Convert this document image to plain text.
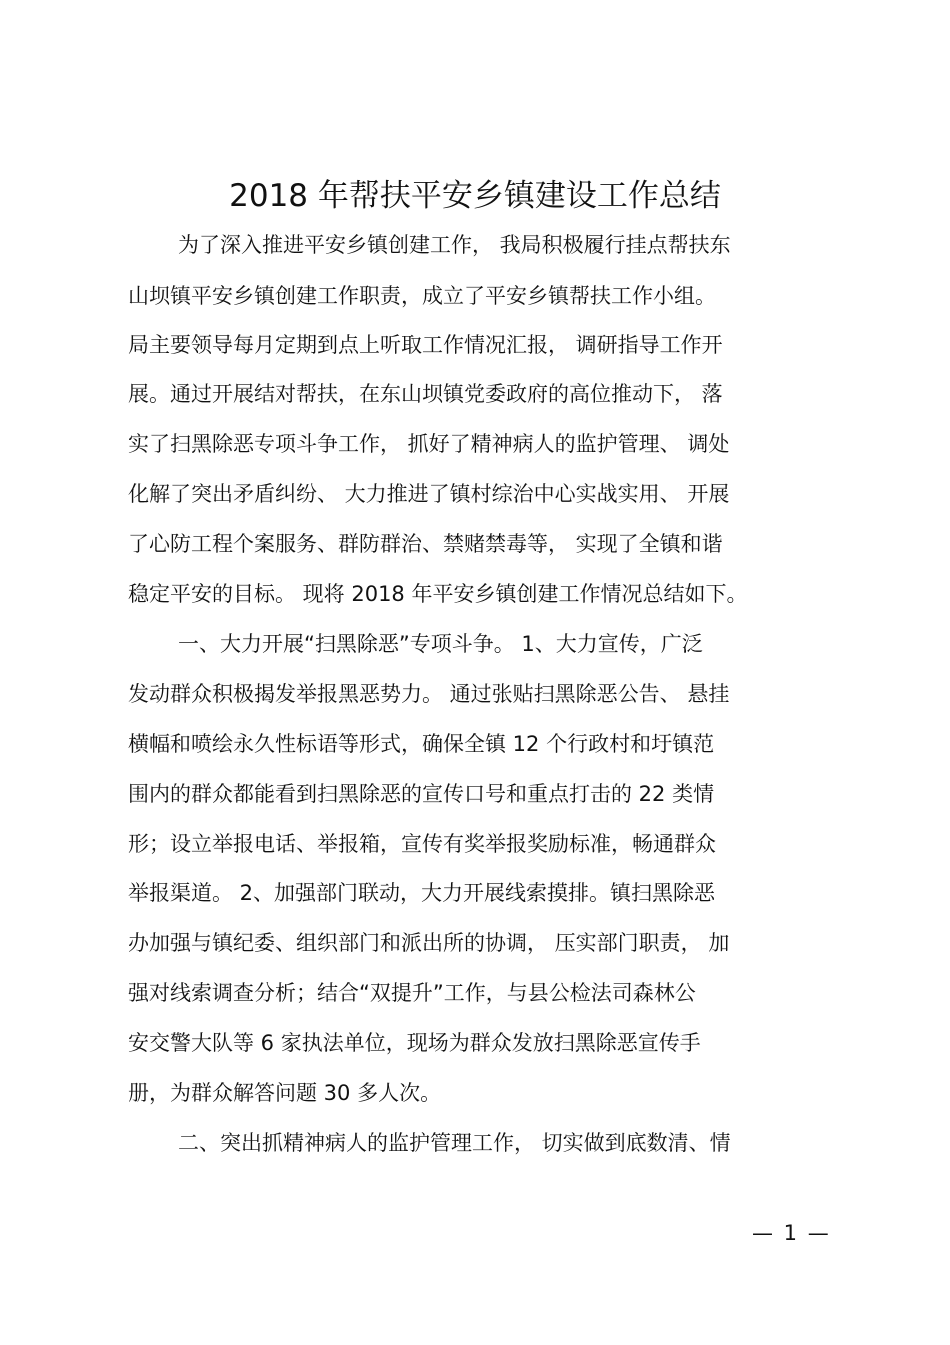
2018 年帮扶平安乡镇建设工作总结
为了深入推进平安乡镇创建工作， 我局积极履行挂点帮扶东
山坝镇平安乡镇创建工作职责，成立了平安乡镇帮扶工作小组。
局主要领导每月定期到点上听取工作情况汇报， 调研指导工作开
展。通过开展结对帮扶，在东山坝镇党委政府的高位推动下， 落
实了扫黑除恶专项斗争工作， 抓好了精神病人的监护管理、 调处
化解了突出矛盾纠纷、 大力推进了镇村综治中心实战实用、 开展
了心防工程个案服务、群防群治、禁赌禁毒等， 实现了全镇和谐
稳定平安的目标。 现将 2018 年平安乡镇创建工作情况总结如下。
一、大力开展“扫黑除恶”专项斗争。 1、大力宣传，广泛
发动群众积极揭发举报黑恶势力。 通过张贴扫黑除恶公告、 悬挂
横幅和喷绘永久性标语等形式，确保全镇 12 个行政村和圩镇范
围内的群众都能看到扫黑除恶的宣传口号和重点打击的 22 类情
形；设立举报电话、举报箱，宣传有奖举报奖励标准，畅通群众
举报渠道。 2、加强部门联动，大力开展线索摸排。镇扫黑除恶
办加强与镇纪委、组织部门和派出所的协调， 压实部门职责， 加
强对线索调查分析；结合“双提升”工作，与县公检法司森林公
安交警大队等 6 家执法单位，现场为群众发放扫黑除恶宣传手
册，为群众解答问题 30 多人次。
二、突出抓精神病人的监护管理工作， 切实做到底数清、情
— 1 —
